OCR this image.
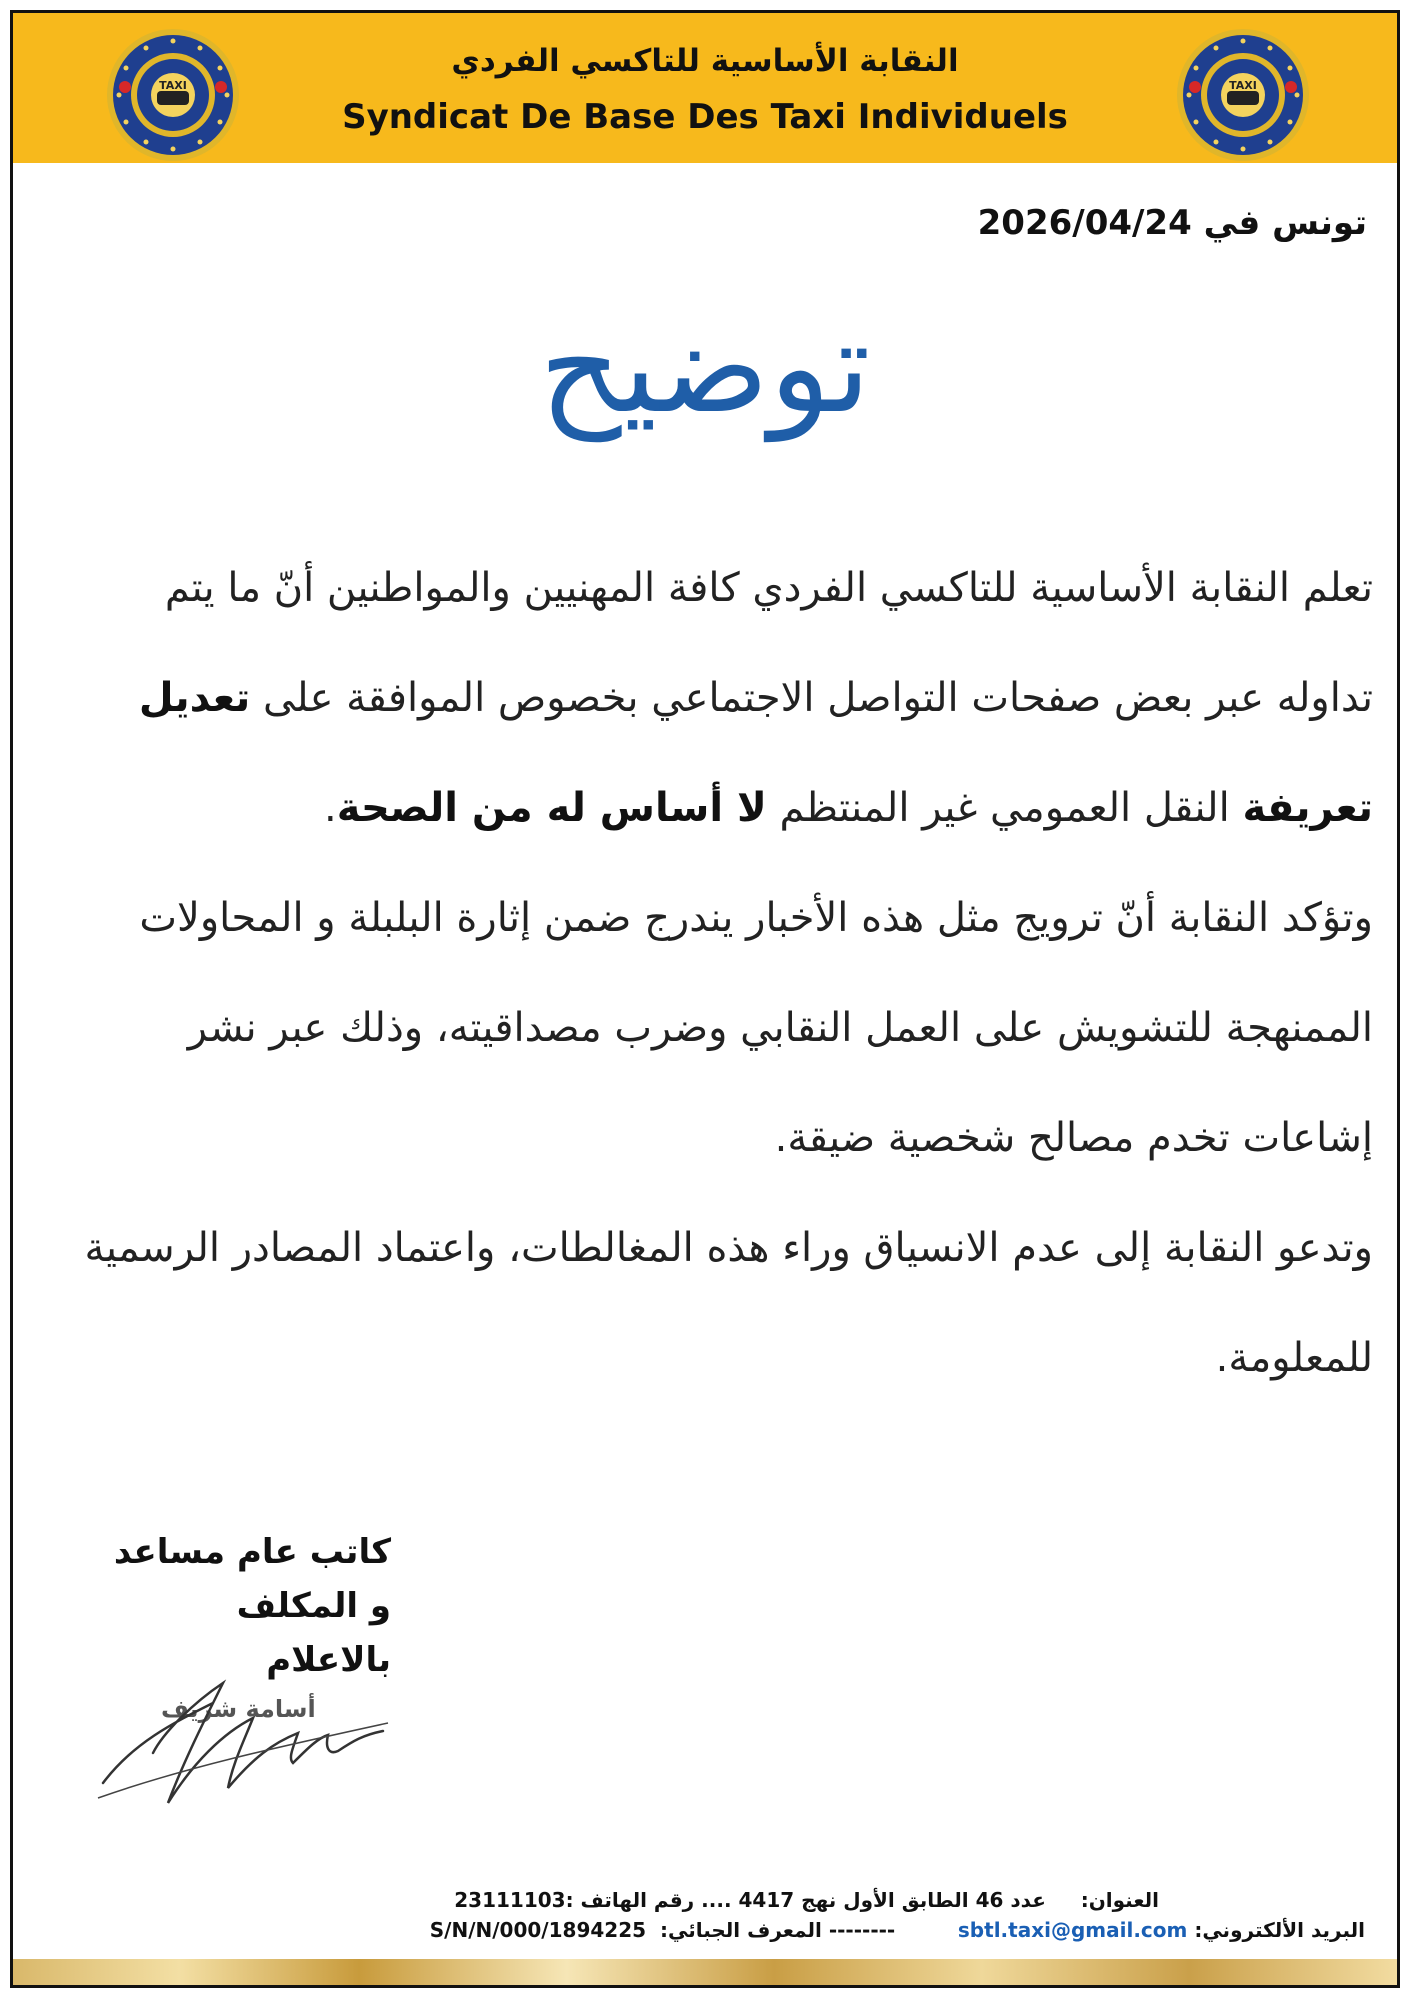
TAXI
النقابة الأساسية للتاكسي الفردي
Syndicat De Base Des Taxi Individuels
TAXI
تونس في 2026/04/24
توضيح

تعلم النقابة الأساسية للتاكسي الفردي كافة المهنيين والمواطنين أنّ ما يتم تداوله عبر بعض صفحات التواصل الاجتماعي بخصوص الموافقة على تعديل تعريفة النقل العمومي غير المنتظم لا أساس له من الصحة.

وتؤكد النقابة أنّ ترويج مثل هذه الأخبار يندرج ضمن إثارة البلبلة و المحاولات الممنهجة للتشويش على العمل النقابي وضرب مصداقيته، وذلك عبر نشر إشاعات تخدم مصالح شخصية ضيقة.

وتدعو النقابة إلى عدم الانسياق وراء هذه المغالطات، واعتماد المصادر الرسمية للمعلومة.

كاتب عام مساعد
و المكلف بالاعلام
أسامة شريف
العنوان:     عدد 46 الطابق الأول نهج 4417 .... رقم الهاتف :23111103
البريد الألكتروني: sbtl.taxi@gmail.com         -------- المعرف الجبائي:  1894225/S/N/N/000
